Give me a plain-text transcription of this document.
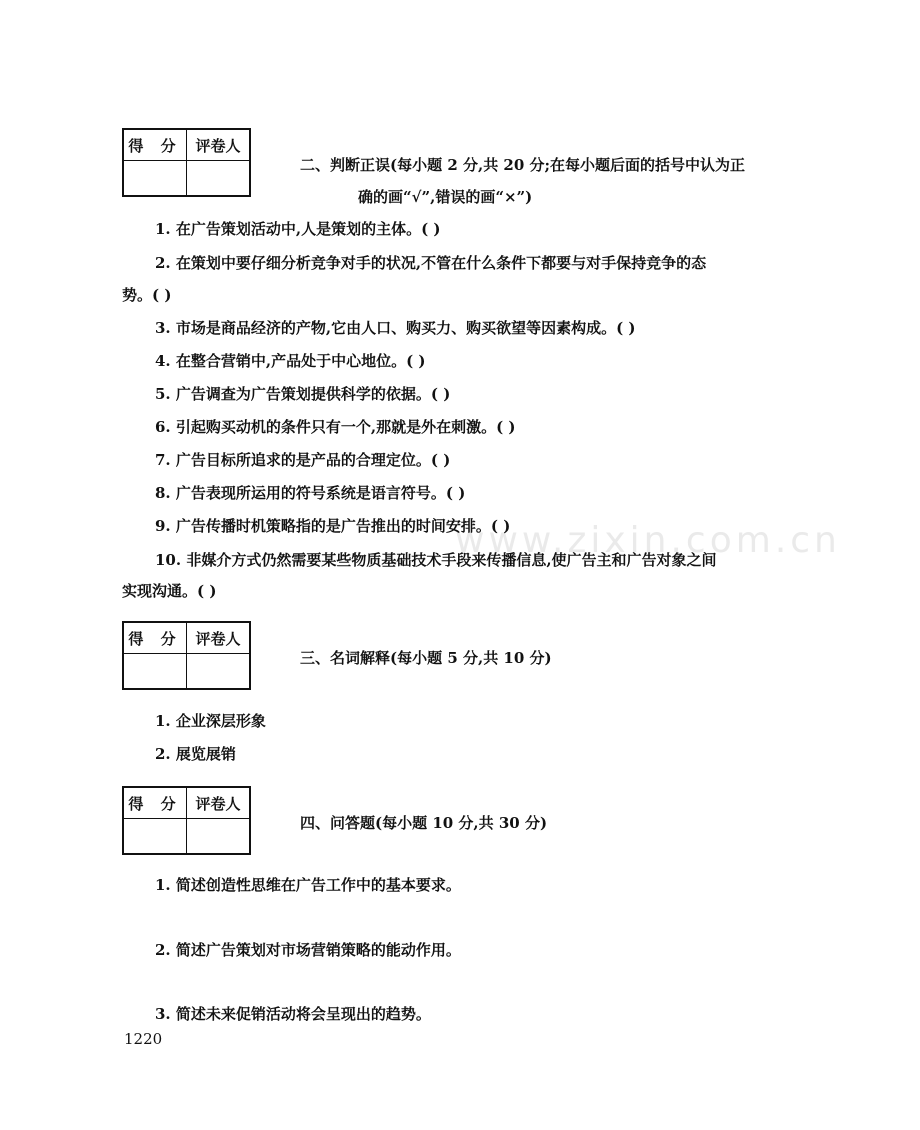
www.zixin.com.cn
得 分	评卷人

二、判断正误(每小题 2 分,共 20 分;在每小题后面的括号中认为正
确的画“√”,错误的画“×”)
1. 在广告策划活动中,人是策划的主体。( )
2. 在策划中要仔细分析竞争对手的状况,不管在什么条件下都要与对手保持竞争的态
势。( )
3. 市场是商品经济的产物,它由人口、购买力、购买欲望等因素构成。( )
4. 在整合营销中,产品处于中心地位。( )
5. 广告调查为广告策划提供科学的依据。( )
6. 引起购买动机的条件只有一个,那就是外在刺激。( )
7. 广告目标所追求的是产品的合理定位。( )
8. 广告表现所运用的符号系统是语言符号。( )
9. 广告传播时机策略指的是广告推出的时间安排。( )
10. 非媒介方式仍然需要某些物质基础技术手段来传播信息,使广告主和广告对象之间
实现沟通。( )
得 分	评卷人

三、名词解释(每小题 5 分,共 10 分)
1. 企业深层形象
2. 展览展销
得 分	评卷人

四、问答题(每小题 10 分,共 30 分)
1. 简述创造性思维在广告工作中的基本要求。
2. 简述广告策划对市场营销策略的能动作用。
3. 简述未来促销活动将会呈现出的趋势。
1220
